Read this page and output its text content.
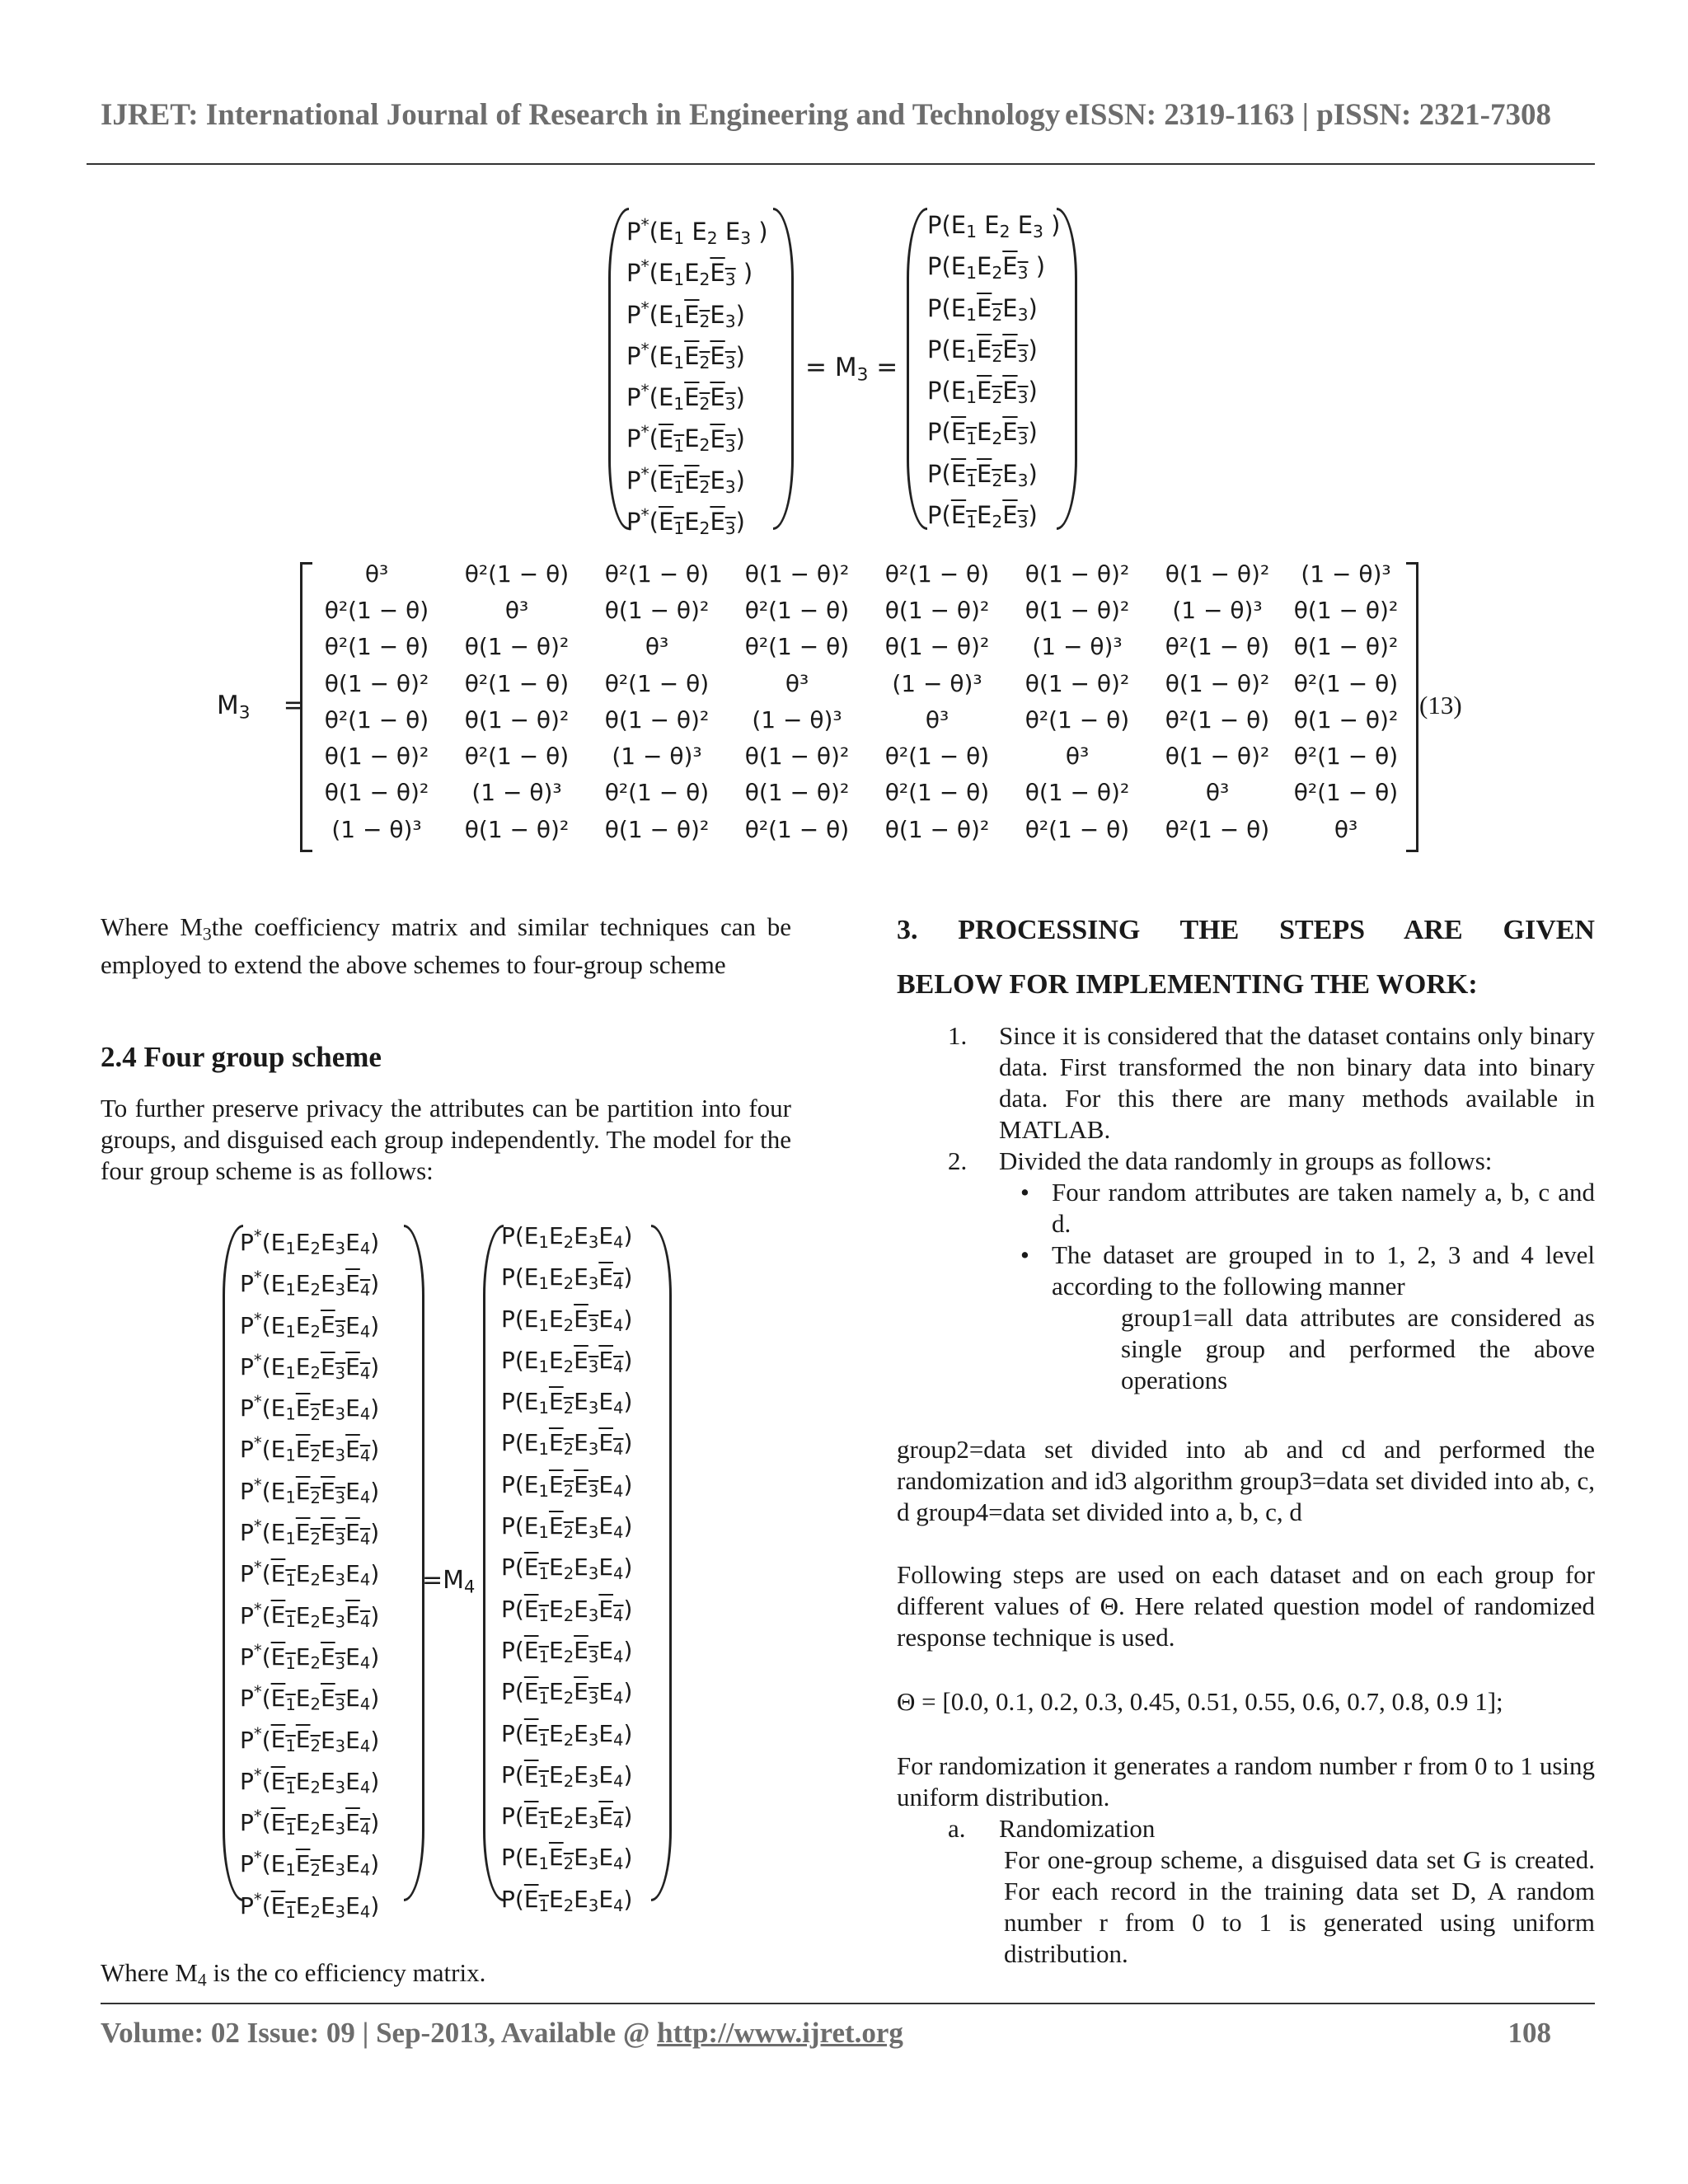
IJRET: International Journal of Research in Engineering and Technology eISSN: 2319-1163 | pISSN: 2321-7308
$P^*(E_1$ $E_2$ $E_3$ )
$P^*(E_1E_2E_3$ )
$P^*(E_1E_2E_3)$
$P^*(E_1E_2E_3)$
$P^*(E_1E_2E_3)$
$P^*(E_1E_2E_3)$
$P^*(E_1E_2E_3)$
$P^*(E_1E_2E_3)$
= $M_3$ =
$P(E_1$ $E_2$ $E_3$ )
$P(E_1E_2E_3$ )
$P(E_1E_2E_3)$
$P(E_1E_2E_3)$
$P(E_1E_2E_3)$
$P(E_1E_2E_3)$
$P(E_1E_2E_3)$
$P(E_1E_2E_3)$
$M_3$ =
θ³	θ²(1 − θ)	θ²(1 − θ)	θ(1 − θ)²	θ²(1 − θ)	θ(1 − θ)²	θ(1 − θ)²	(1 − θ)³
θ²(1 − θ)	θ³	θ(1 − θ)²	θ²(1 − θ)	θ(1 − θ)²	θ(1 − θ)²	(1 − θ)³	θ(1 − θ)²
θ²(1 − θ)	θ(1 − θ)²	θ³	θ²(1 − θ)	θ(1 − θ)²	(1 − θ)³	θ²(1 − θ)	θ(1 − θ)²
θ(1 − θ)²	θ²(1 − θ)	θ²(1 − θ)	θ³	(1 − θ)³	θ(1 − θ)²	θ(1 − θ)²	θ²(1 − θ)
θ²(1 − θ)	θ(1 − θ)²	θ(1 − θ)²	(1 − θ)³	θ³	θ²(1 − θ)	θ²(1 − θ)	θ(1 − θ)²
θ(1 − θ)²	θ²(1 − θ)	(1 − θ)³	θ(1 − θ)²	θ²(1 − θ)	θ³	θ(1 − θ)²	θ²(1 − θ)
θ(1 − θ)²	(1 − θ)³	θ²(1 − θ)	θ(1 − θ)²	θ²(1 − θ)	θ(1 − θ)²	θ³	θ²(1 − θ)
(1 − θ)³	θ(1 − θ)²	θ(1 − θ)²	θ²(1 − θ)	θ(1 − θ)²	θ²(1 − θ)	θ²(1 − θ)	θ³
(13)

Where $M_3the$ coefficiency matrix and similar techniques can be employed to extend the above schemes to four-group scheme

2.4 Four group scheme
To further preserve privacy the attributes can be partition into four groups, and disguised each group independently. The model for the four group scheme is as follows:
$P^*(E_1E_2E_3E_4)$
$P^*(E_1E_2E_3E_4)$
$P^*(E_1E_2E_3E_4)$
$P^*(E_1E_2E_3E_4)$
$P^*(E_1E_2E_3E_4)$
$P^*(E_1E_2E_3E_4)$
$P^*(E_1E_2E_3E_4)$
$P^*(E_1E_2E_3E_4)$
$P^*(E_1E_2E_3E_4)$
$P^*(E_1E_2E_3E_4)$
$P^*(E_1E_2E_3E_4)$
$P^*(E_1E_2E_3E_4)$
$P^*(E_1E_2E_3E_4)$
$P^*(E_1E_2E_3E_4)$
$P^*(E_1E_2E_3E_4)$
$P^*(E_1E_2E_3E_4)$
$P^*(E_1E_2E_3E_4)$
$=M_4$
$P(E_1E_2E_3E_4)$
$P(E_1E_2E_3E_4)$
$P(E_1E_2E_3E_4)$
$P(E_1E_2E_3E_4)$
$P(E_1E_2E_3E_4)$
$P(E_1E_2E_3E_4)$
$P(E_1E_2E_3E_4)$
$P(E_1E_2E_3E_4)$
$P(E_1E_2E_3E_4)$
$P(E_1E_2E_3E_4)$
$P(E_1E_2E_3E_4)$
$P(E_1E_2E_3E_4)$
$P(E_1E_2E_3E_4)$
$P(E_1E_2E_3E_4)$
$P(E_1E_2E_3E_4)$
$P(E_1E_2E_3E_4)$
$P(E_1E_2E_3E_4)$

Where $M_4$ is the co efficiency matrix.

3. PROCESSING THE STEPS ARE GIVEN
BELOW FOR IMPLEMENTING THE WORK:
1. Since it is considered that the dataset contains only binary data. First transformed the non binary data into binary data. For this there are many methods available in MATLAB.
2. Divided the data randomly in groups as follows:
• Four random attributes are taken namely a, b, c and d.
• The dataset are grouped in to 1, 2, 3 and 4 level according to the following manner
group1=all data attributes are considered as single group and performed the above operations
group2=data set divided into ab and cd and performed the randomization and id3 algorithm group3=data set divided into ab, c, d group4=data set divided into a, b, c, d
Following steps are used on each dataset and on each group for different values of Θ. Here related question model of randomized response technique is used.
Θ = [0.0, 0.1, 0.2, 0.3, 0.45, 0.51, 0.55, 0.6, 0.7, 0.8, 0.9 1];
For randomization it generates a random number r from 0 to 1 using uniform distribution.
a. Randomization
For one-group scheme, a disguised data set G is created. For each record in the training data set D, A random number r from 0 to 1 is generated using uniform distribution.
Volume: 02 Issue: 09 | Sep-2013, Available @ http://www.ijret.org	108
